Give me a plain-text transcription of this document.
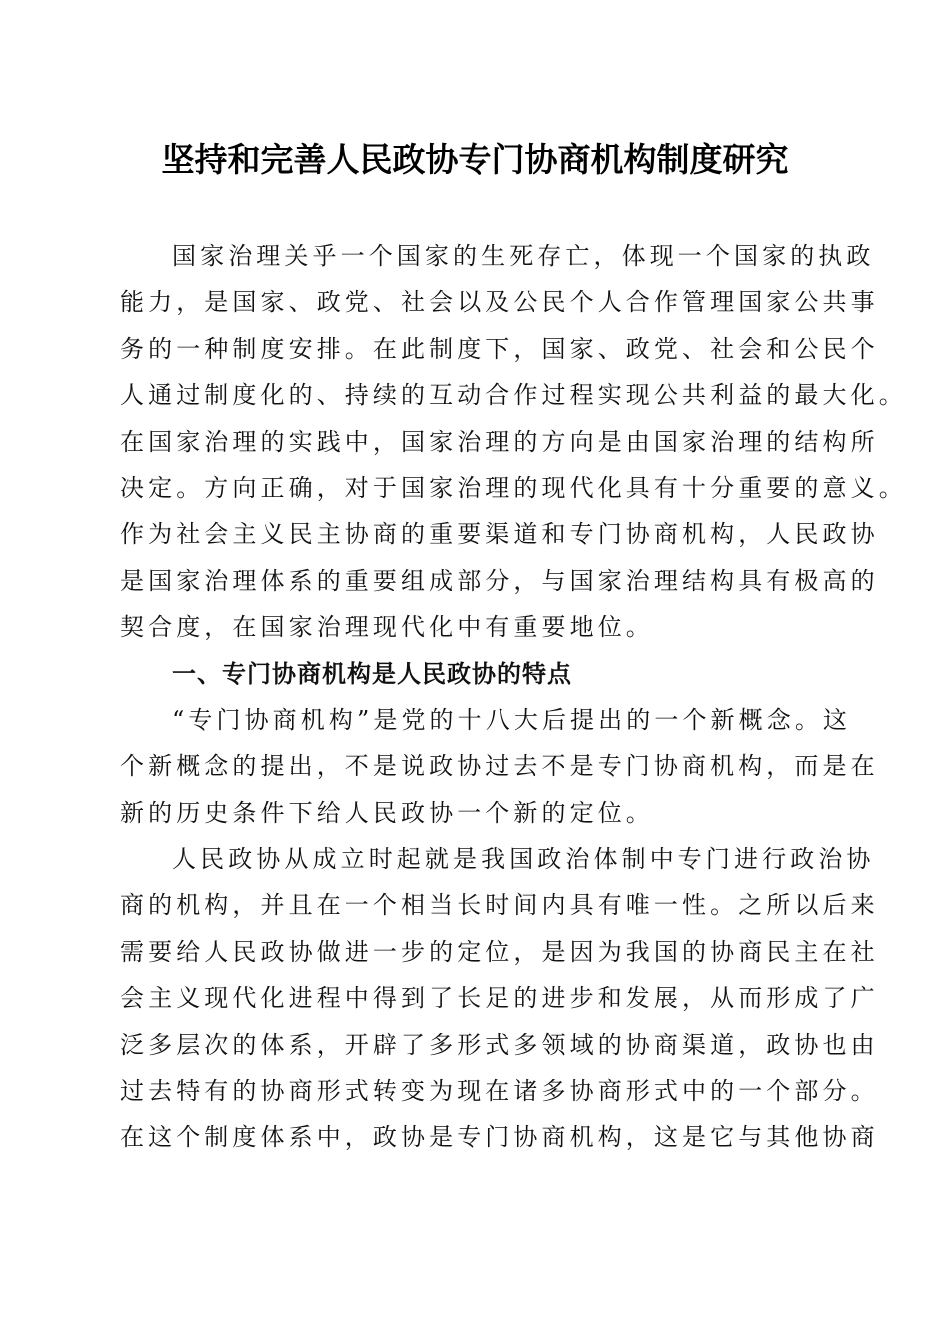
坚持和完善人民政协专门协商机构制度研究
国家治理关乎一个国家的生死存亡，体现一个国家的执政
能力，是国家、政党、社会以及公民个人合作管理国家公共事
务的一种制度安排。在此制度下，国家、政党、社会和公民个
人通过制度化的、持续的互动合作过程实现公共利益的最大化。
在国家治理的实践中，国家治理的方向是由国家治理的结构所
决定。方向正确，对于国家治理的现代化具有十分重要的意义。
作为社会主义民主协商的重要渠道和专门协商机构，人民政协
是国家治理体系的重要组成部分，与国家治理结构具有极高的
契合度，在国家治理现代化中有重要地位。
一、专门协商机构是人民政协的特点
“专门协商机构”是党的十八大后提出的一个新概念。这
个新概念的提出，不是说政协过去不是专门协商机构，而是在
新的历史条件下给人民政协一个新的定位。
人民政协从成立时起就是我国政治体制中专门进行政治协
商的机构，并且在一个相当长时间内具有唯一性。之所以后来
需要给人民政协做进一步的定位，是因为我国的协商民主在社
会主义现代化进程中得到了长足的进步和发展，从而形成了广
泛多层次的体系，开辟了多形式多领域的协商渠道，政协也由
过去特有的协商形式转变为现在诸多协商形式中的一个部分。
在这个制度体系中，政协是专门协商机构，这是它与其他协商
